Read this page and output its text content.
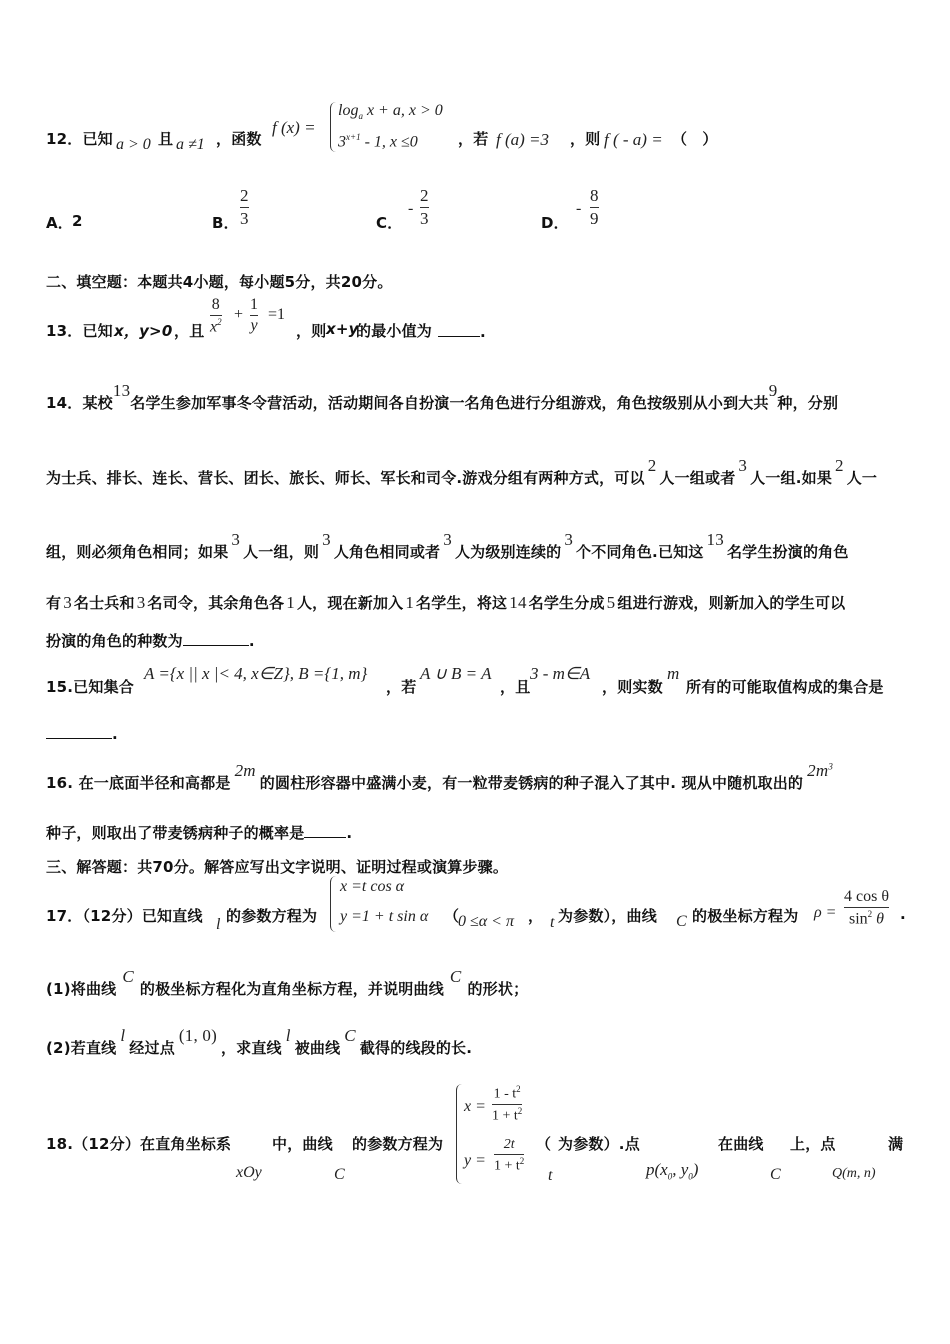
12．已知 a > 0 且 a ≠1 ，函数
f (x) =
$\log_a x + a$, x > 0
$3^{x+1} - 1$, x ≤0	，若 f (a) =3 ，则 f ( - a) = （　）
A．
2	B．
2
3	C．
-
2
3	D．
-
8
9
二、填空题：本题共4小题，每小题5分，共20分。
13．已知 x，y>0 ，且
8
$x^2$ +
1
y
=1
，则 x+y
的最小值为	.
14．某校13名学生参加军事冬令营活动，活动期间各自扮演一名角色进行分组游戏，角色按级别从小到大共9种，分别
为士兵、排长、连长、营长、团长、旅长、师长、军长和司令.游戏分组有两种方式，可以2人一组或者3人一组.如果2人一
组，则必须角色相同；如果3人一组，则3人角色相同或者3人为级别连续的3个不同角色.已知这13名学生扮演的角色
有 3 名士兵和 3 名司令，其余角色各 1 人，现在新加入 1 名学生，将这 14 名学生分成 5 组进行游戏，则新加入的学生可以
扮演的角色的种数为	.
15.已知集合
A ={x || x |< 4, x∈Z}, B ={1, m}
，若
A ∪ B = A
，且
3 - m∈A
，则实数
m
所有的可能取值构成的集合是
.
16. 在一底面半径和高都是2m的圆柱形容器中盛满小麦，有一粒带麦锈病的种子混入了其中. 现从中随机取出的$2m^3$
种子，则取出了带麦锈病种子的概率是	.
三、解答题：共70分。解答应写出文字说明、证明过程或演算步骤。
17．（12分）已知直线 l 的参数方程为
x =t cos α
y =1 + t sin α （
0 ≤α < π ， t 为参数），曲线 C 的极坐标方程为 ρ =
4 cos θ
$\sin^2 \theta$ .
(1)将曲线C的极坐标方程化为直角坐标方程，并说明曲线C的形状；
(2)若直线l经过点(1, 0)，求直线l被曲线C截得的线段的长.
18.（12分）在直角坐标系
xOy
中，曲线
C
的参数方程为
x =
$1 - t^2$
$1 + t^2$
y =
2t
$1 + t^2$
（
t
为参数）.点
$p(x_0$, $y_0$)
在曲线
C
上，点
Q(m, n)
满
